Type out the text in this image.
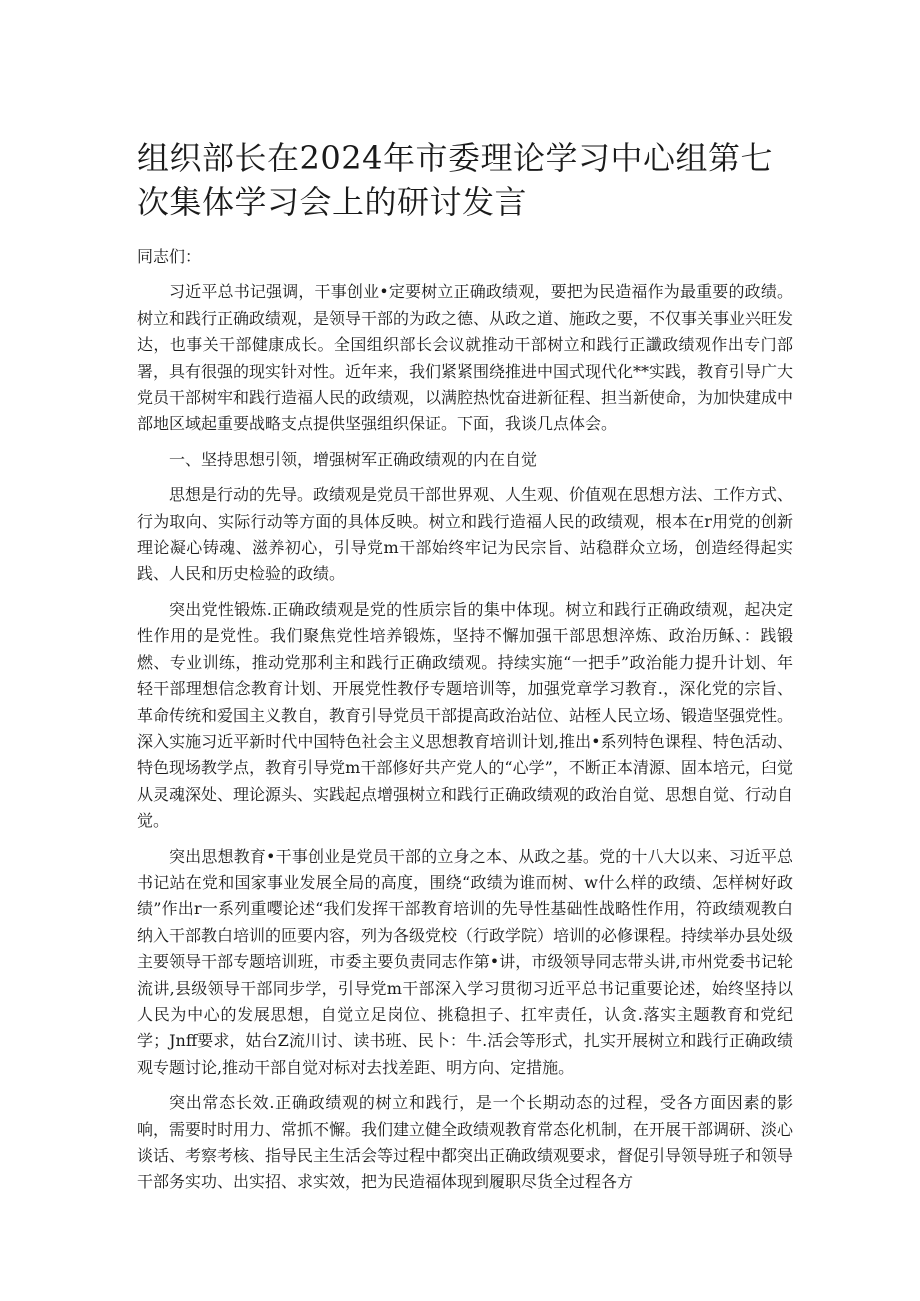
组织部长在2024年市委理论学习中心组第七次集体学习会上的研讨发言

同志们：

习近平总书记强调，干事创业•定要树立正确政绩观，要把为民造福作为最重要的政绩。树立和践行正确政绩观，是领导干部的为政之德、从政之道、施政之要，不仅事关事业兴旺发达，也事关干部健康成长。全国组织部长会议就推动干部树立和践行正讖政绩观作出专门部署，具有很强的现实针对性。近年来，我们紧紧围绕推进中国式现代化**实践，教育引导广大党员干部树牢和践行造福人民的政绩观，以满腔热忱奋进新征程、担当新使命，为加快建成中部地区域起重要战略支点提供坚强组织保证。下面，我谈几点体会。

一、坚持思想引领，增强树军正确政绩观的内在自觉

思想是行动的先导。政绩观是党员干部世界观、人生观、价值观在思想方法、工作方式、行为取向、实际行动等方面的具体反映。树立和践行造福人民的政绩观，根本在r用党的创新理论凝心铸魂、滋养初心，引导党m干部始终牢记为民宗旨、站稳群众立场，创造经得起实践、人民和历史检验的政绩。

突出党性锻炼.正确政绩观是党的性质宗旨的集中体现。树立和践行正确政绩观，起决定性作用的是党性。我们聚焦党性培养锻炼，坚持不懈加强干部思想淬炼、政治历稣、：践锻燃、专业训练，推动党那利主和践行正确政绩观。持续实施“一把手”政治能力提升计划、年轻干部理想信念教育计划、开展党性教伃专题培训等，加强党章学习教育.，深化党的宗旨、革命传统和爱国主义教自，教育引导党员干部提高政治站位、站桎人民立场、锻造坚强党性。深入实施习近平新时代中国特色社会主义思想教育培训计划,推出•系列特色课程、特色活动、特色现场教学点，教育引导党m干部修好共产党人的“心学”，不断正本清源、固本培元，臼觉从灵魂深处、理论源头、实践起点增强树立和践行正确政绩观的政治自觉、思想自觉、行动自觉。

突出思想教育•干事创业是党员干部的立身之本、从政之基。党的十八大以来、习近平总书记站在党和国家事业发展全局的高度，围绕“政绩为谁而树、w什么样的政绩、怎样树好政绩”作出r一系列重嘤论述“我们发挥干部教育培训的先导性基础性战略性作用，符政绩观教白纳入干部教白培训的匝要内容，列为各级党校（行政学院）培训的必修课程。持续举办县处级主要领导干部专题培训班，市委主要负责同志作第•讲，市级领导同志带头讲,市州党委书记轮流讲,县级领导干部同步学，引导党m干部深入学习贯彻习近平总书记重要论述，始终坚持以人民为中心的发展思想，自觉立足岗位、挑稳担子、扛牢责任，认贪.落实主题教育和党纪学；Jnff要求，姑台Z流川讨、读书班、民卜：牛.活会等形式，扎实开展树立和践行正确政绩观专题讨论,推动干部自觉对标对去找差距、明方向、定措施。

突出常态长效.正确政绩观的树立和践行，是一个长期动态的过程，受各方面因素的影响，需要时时用力、常抓不懈。我们建立健全政绩观教育常态化机制，在开展干部调研、淡心谈话、考察考核、指导民主生活会等过程中都突出正确政绩观要求，督促引导领导班子和领导干部务实功、出实招、求实效，把为民造福体现到履职尽货全过程各方
